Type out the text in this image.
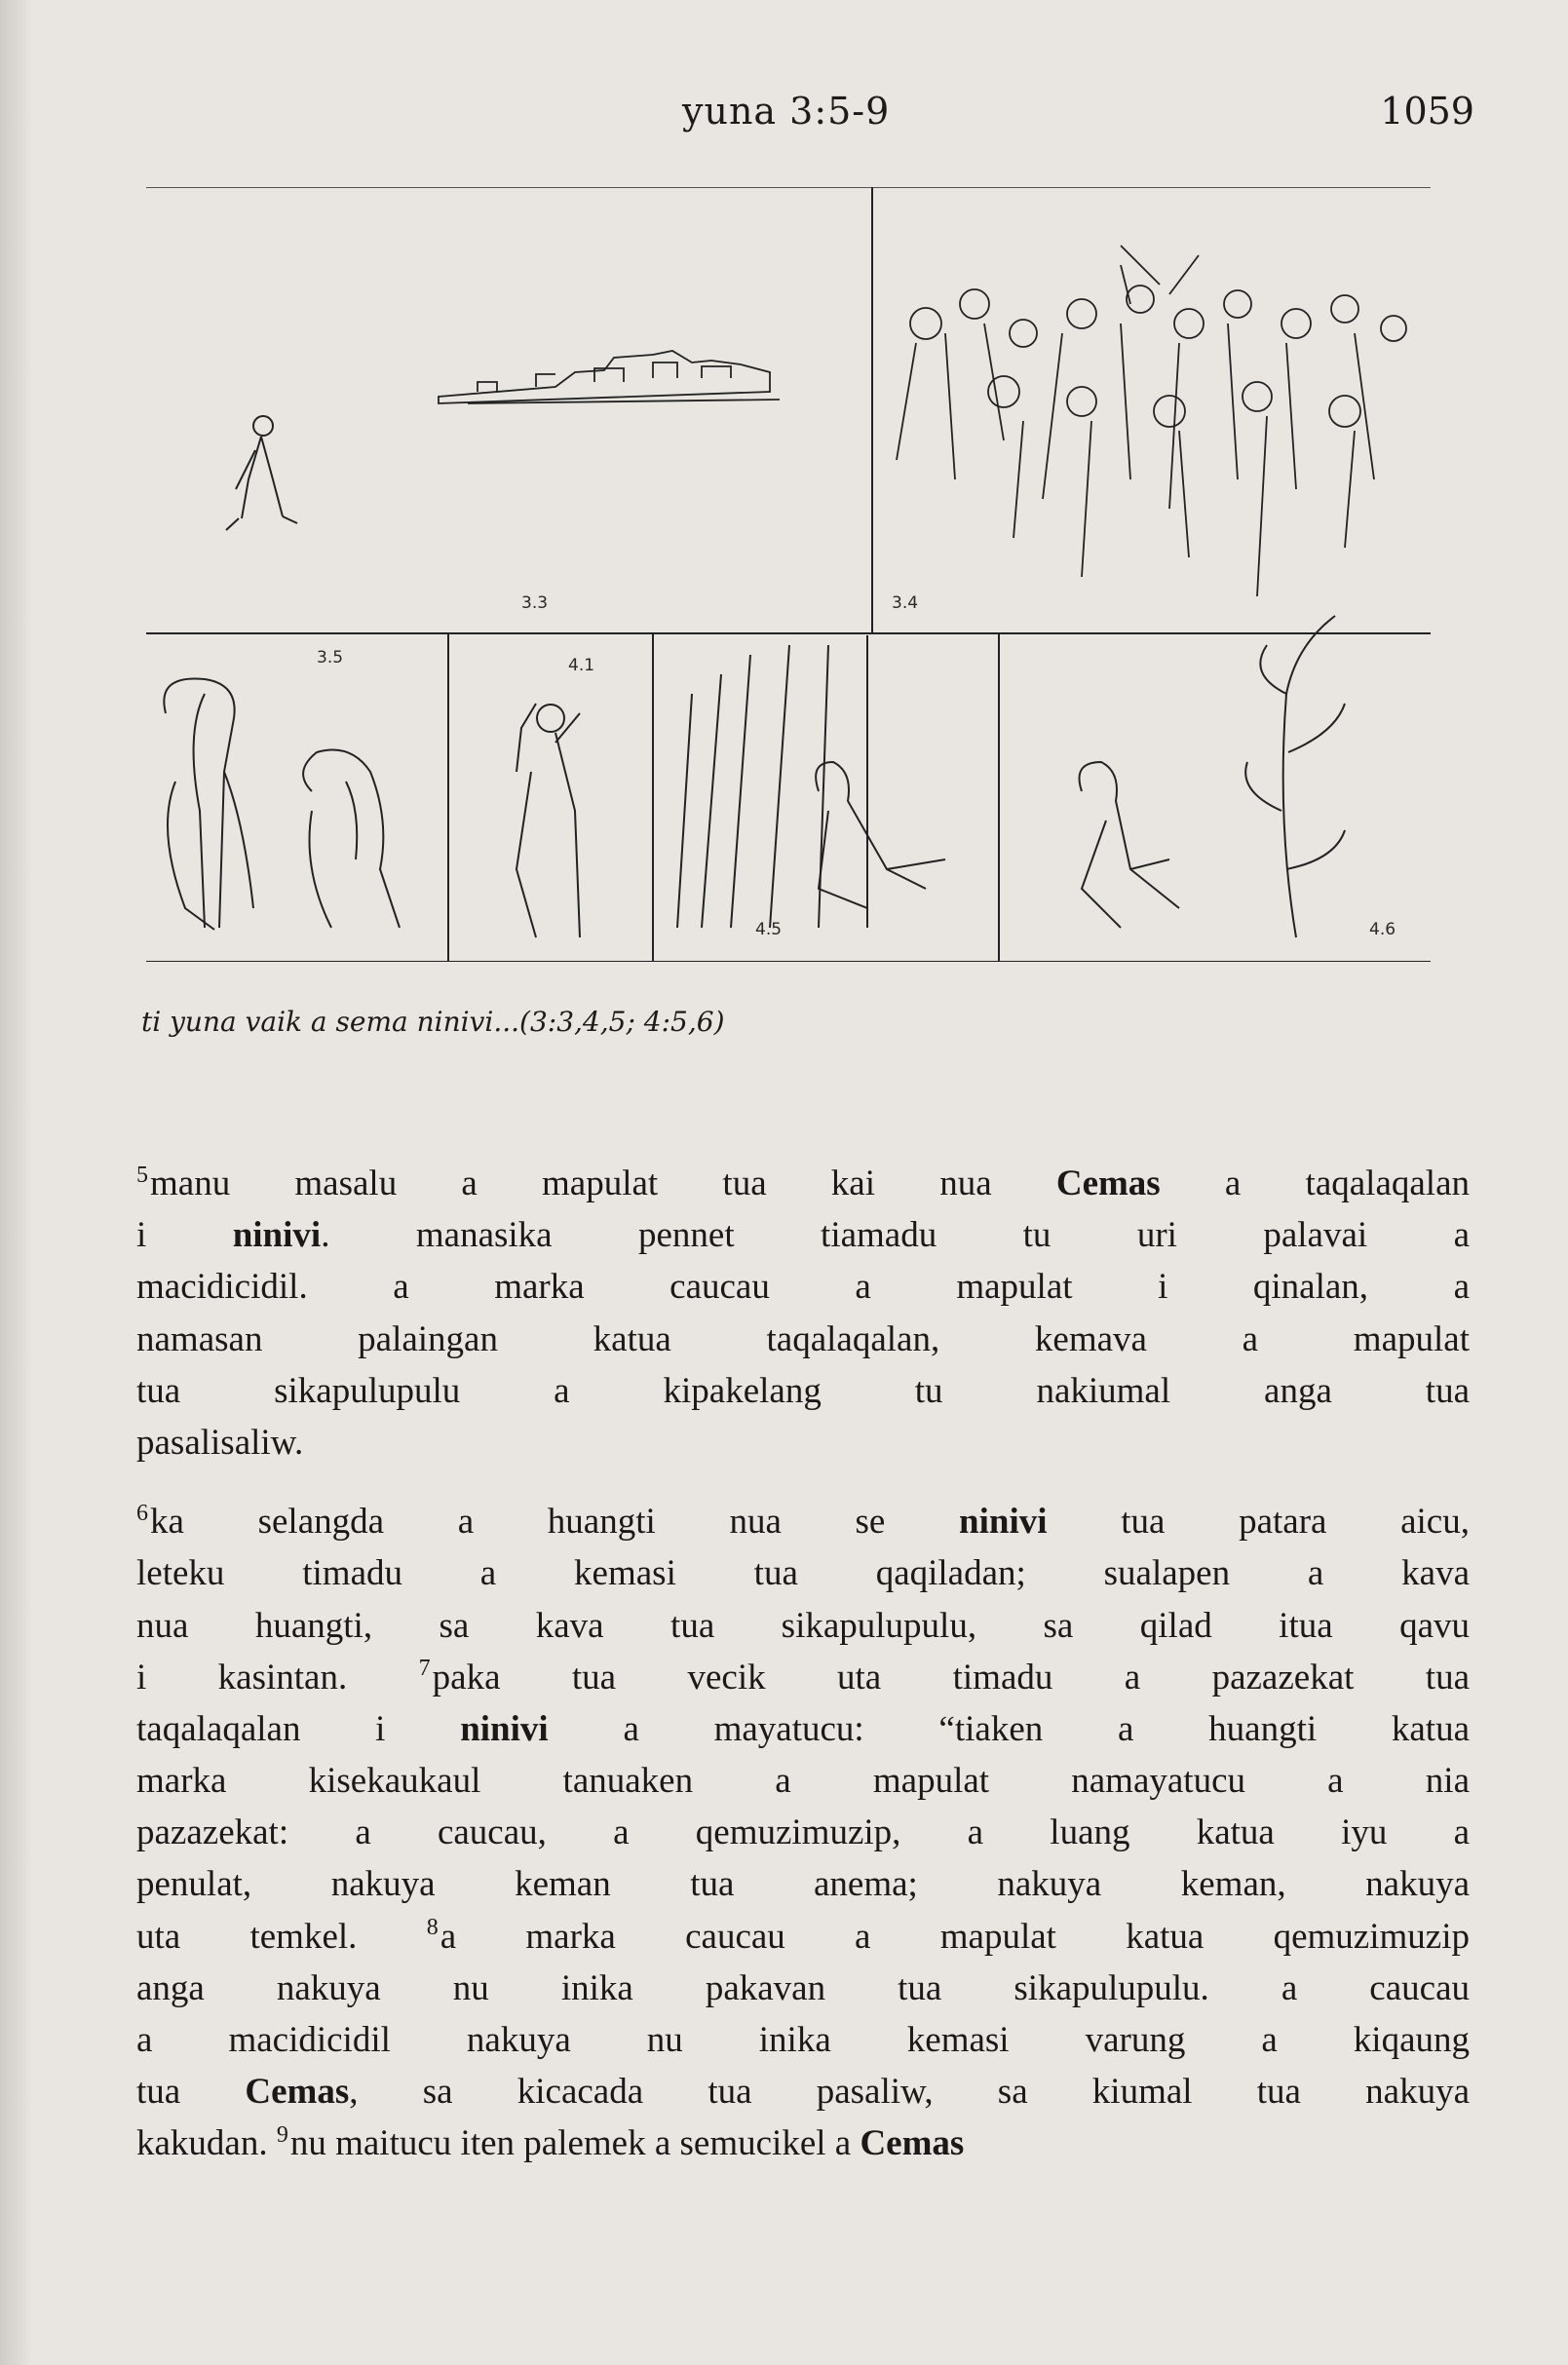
yuna 3:5-9	1059
3.3	3.4
3.5	4.1
4.5	4.6
ti yuna vaik a sema ninivi...(3:3,4,5; 4:5,6)

$^5$manu masalu a mapulat tua kai nua Cemas a taqalaqalan
i ninivi. manasika pennet tiamadu tu uri palavai a
macidicidil. a marka caucau a mapulat i qinalan, a
namasan palaingan katua taqalaqalan, kemava a mapulat
tua sikapulupulu a kipakelang tu nakiumal anga tua
pasalisaliw.

$^6$ka selangda a huangti nua se ninivi tua patara aicu,
leteku timadu a kemasi tua qaqiladan; sualapen a kava
nua huangti, sa kava tua sikapulupulu, sa qilad itua qavu
i kasintan. $^7$paka tua vecik uta timadu a pazazekat tua
taqalaqalan i ninivi a mayatucu: “tiaken a huangti katua
marka kisekaukaul tanuaken a mapulat namayatucu a nia
pazazekat: a caucau, a qemuzimuzip, a luang katua iyu a
penulat, nakuya keman tua anema; nakuya keman, nakuya
uta temkel. $^8$a marka caucau a mapulat katua qemuzimuzip
anga nakuya nu inika pakavan tua sikapulupulu. a caucau
a macidicidil nakuya nu inika kemasi varung a kiqaung
tua Cemas, sa kicacada tua pasaliw, sa kiumal tua nakuya
kakudan. $^9$nu maitucu iten palemek a semucikel a Cemas
